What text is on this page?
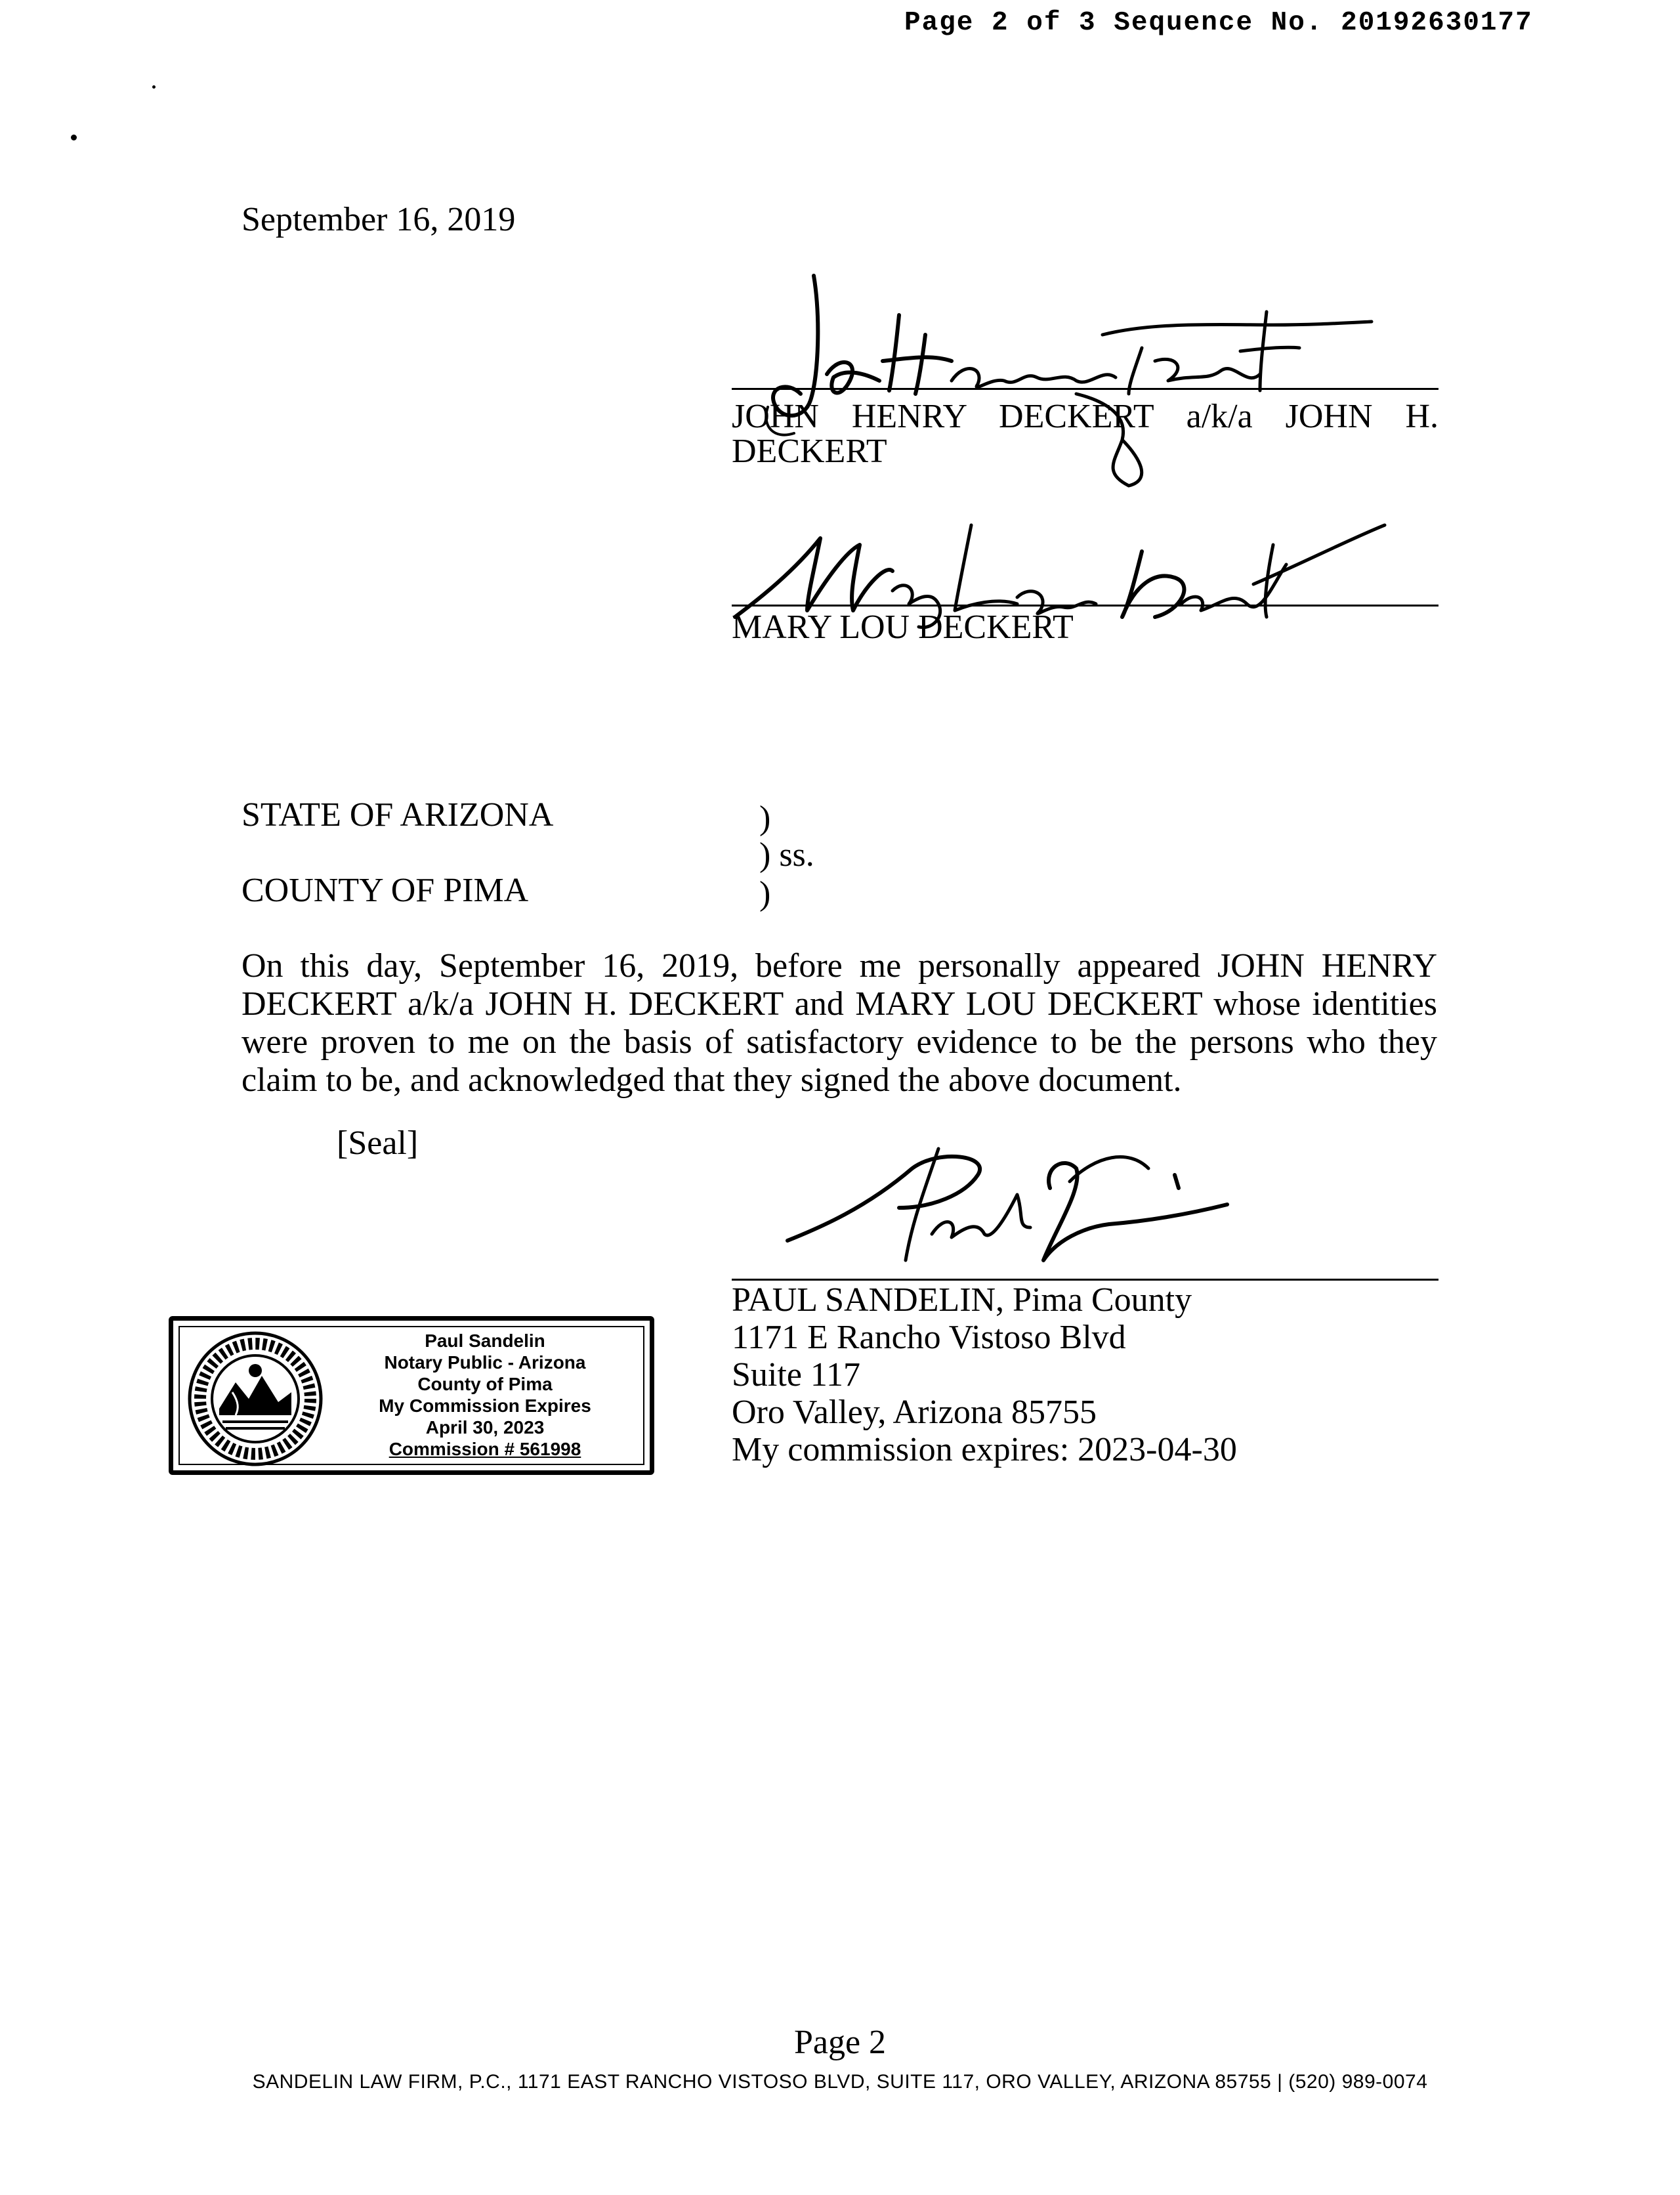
Page 2 of 3 Sequence No. 20192630177
September 16, 2019
JOHN HENRY DECKERT a/k/a JOHN H.
DECKERT
MARY LOU DECKERT
STATE OF ARIZONA	)
) ss.
COUNTY OF PIMA	)
On this day, September 16, 2019, before me personally appeared JOHN HENRY DECKERT a/k/a JOHN H. DECKERT and MARY LOU DECKERT whose identities were proven to me on the basis of satisfactory evidence to be the persons who they claim to be, and acknowledged that they signed the above document.
[Seal]
Paul Sandelin
Notary Public - Arizona
County of Pima
My Commission Expires
April 30, 2023
Commission # 561998
PAUL SANDELIN, Pima County
1171 E Rancho Vistoso Blvd
Suite 117
Oro Valley, Arizona 85755
My commission expires: 2023-04-30
Page 2
SANDELIN LAW FIRM, P.C., 1171 EAST RANCHO VISTOSO BLVD, SUITE 117, ORO VALLEY, ARIZONA 85755 | (520) 989-0074
